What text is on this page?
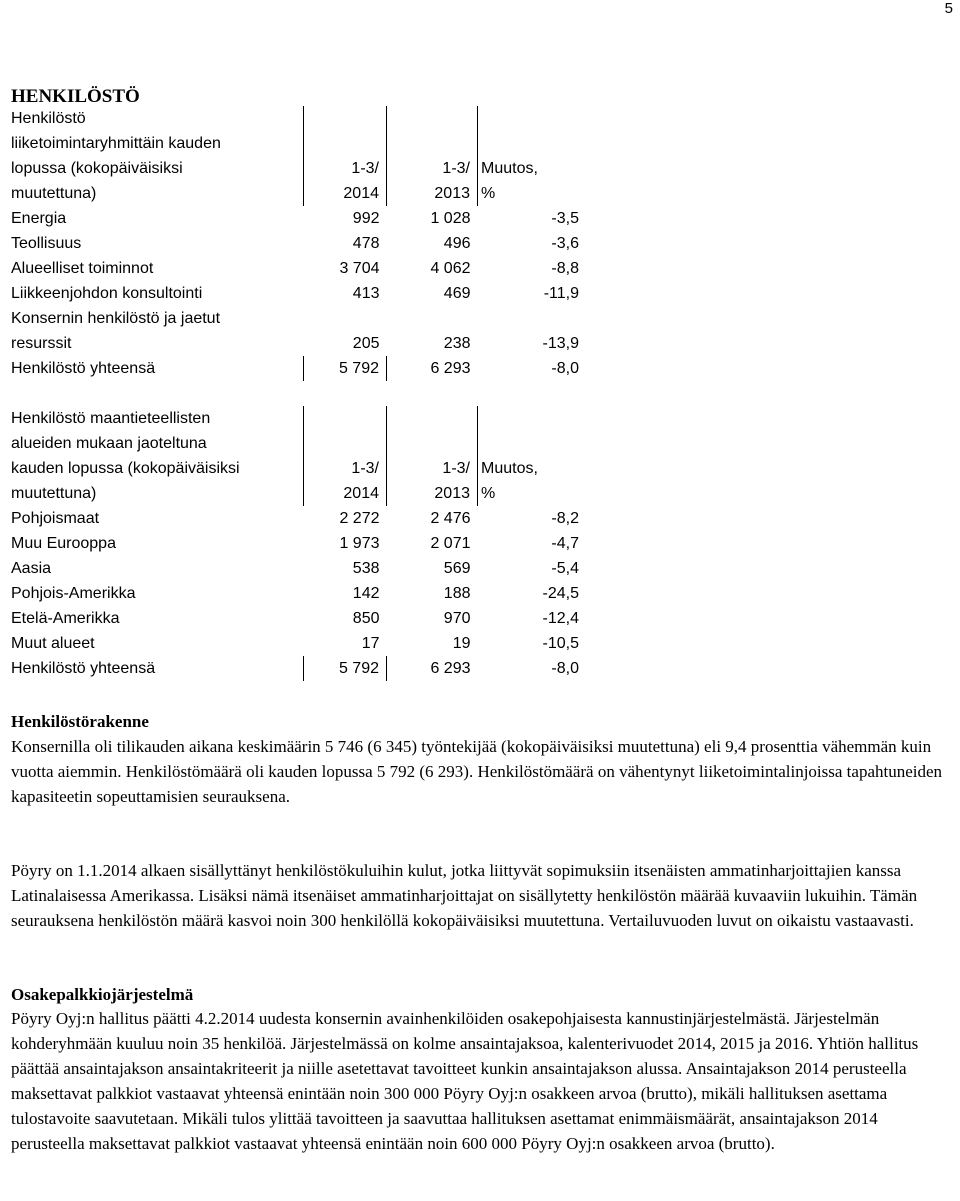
5
HENKILÖSTÖ
Henkilöstö			
liiketoimintaryhmittäin kauden			
lopussa (kokopäiväisiksi	1-3/	1-3/	Muutos,
muutettuna)	2014	2013	%
Energia	992	1 028	-3,5
Teollisuus	478	496	-3,6
Alueelliset toiminnot	3 704	4 062	-8,8
Liikkeenjohdon konsultointi	413	469	-11,9
Konsernin henkilöstö ja jaetut			
resurssit	205	238	-13,9
Henkilöstö yhteensä	5 792	6 293	-8,0
Henkilöstö maantieteellisten			
alueiden mukaan jaoteltuna			
kauden lopussa (kokopäiväisiksi	1-3/	1-3/	Muutos,
muutettuna)	2014	2013	%
Pohjoismaat	2 272	2 476	-8,2
Muu Eurooppa	1 973	2 071	-4,7
Aasia	538	569	-5,4
Pohjois-Amerikka	142	188	-24,5
Etelä-Amerikka	850	970	-12,4
Muut alueet	17	19	-10,5
Henkilöstö yhteensä	5 792	6 293	-8,0
Henkilöstörakenne
Konsernilla oli tilikauden aikana keskimäärin 5 746 (6 345) työntekijää (kokopäiväisiksi muutettuna) eli 9,4 prosenttia vähemmän kuin vuotta aiemmin. Henkilöstömäärä oli kauden lopussa 5 792 (6 293). Henkilöstömäärä on vähentynyt liiketoimintalinjoissa tapahtuneiden kapasiteetin sopeuttamisien seurauksena.
Pöyry on 1.1.2014 alkaen sisällyttänyt henkilöstökuluihin kulut, jotka liittyvät sopimuksiin itsenäisten ammatinharjoittajien kanssa Latinalaisessa Amerikassa. Lisäksi nämä itsenäiset ammatinharjoittajat on sisällytetty henkilöstön määrää kuvaaviin lukuihin. Tämän seurauksena henkilöstön määrä kasvoi noin 300 henkilöllä kokopäiväisiksi muutettuna. Vertailuvuoden luvut on oikaistu vastaavasti.
Osakepalkkiojärjestelmä
Pöyry Oyj:n hallitus päätti 4.2.2014 uudesta konsernin avainhenkilöiden osakepohjaisesta kannustinjärjestelmästä. Järjestelmän kohderyhmään kuuluu noin 35 henkilöä. Järjestelmässä on kolme ansaintajaksoa, kalenterivuodet 2014, 2015 ja 2016. Yhtiön hallitus päättää ansaintajakson ansaintakriteerit ja niille asetettavat tavoitteet kunkin ansaintajakson alussa. Ansaintajakson 2014 perusteella maksettavat palkkiot vastaavat yhteensä enintään noin 300 000 Pöyry Oyj:n osakkeen arvoa (brutto), mikäli hallituksen asettama tulostavoite saavutetaan. Mikäli tulos ylittää tavoitteen ja saavuttaa hallituksen asettamat enimmäismäärät, ansaintajakson 2014 perusteella maksettavat palkkiot vastaavat yhteensä enintään noin 600 000 Pöyry Oyj:n osakkeen arvoa (brutto).
